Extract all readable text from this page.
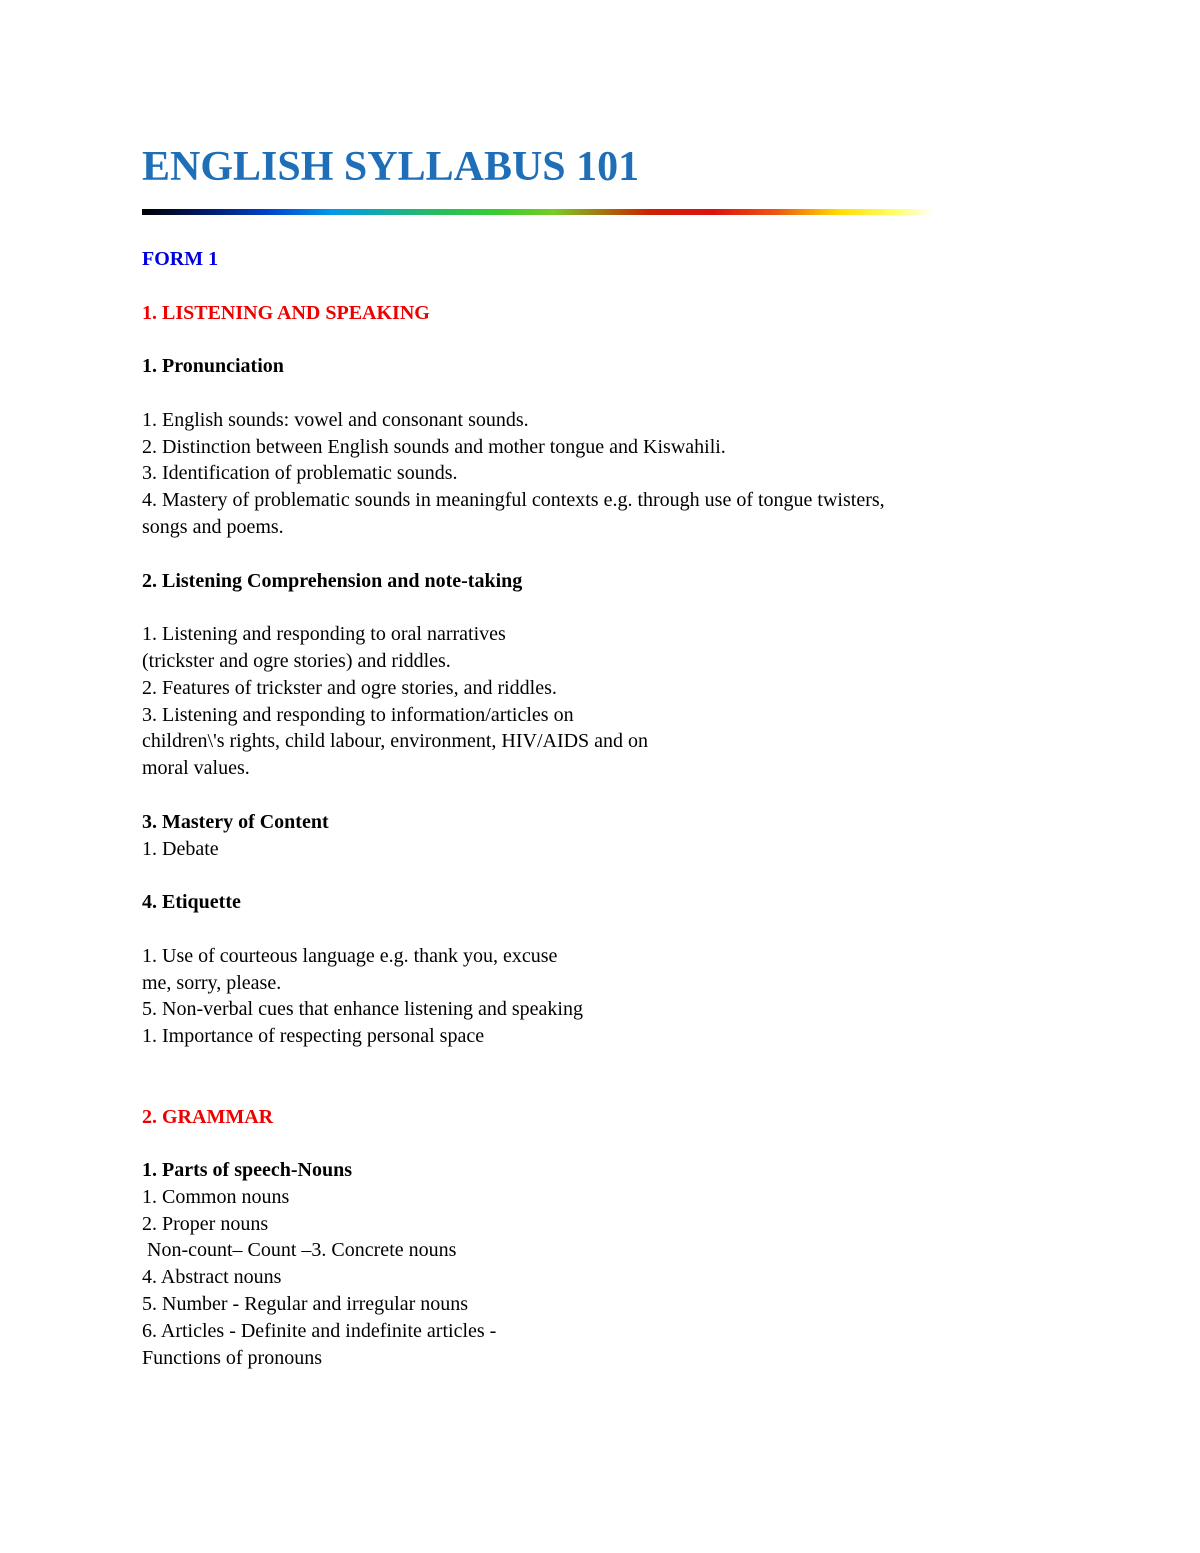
ENGLISH SYLLABUS 101

FORM 1

1. LISTENING AND SPEAKING

1. Pronunciation

1. English sounds: vowel and consonant sounds.

2. Distinction between English sounds and mother tongue and Kiswahili.

3. Identification of problematic sounds.

4. Mastery of problematic sounds in meaningful contexts e.g. through use of tongue twisters,

songs and poems.

2. Listening Comprehension and note-taking

1. Listening and responding to oral narratives

(trickster and ogre stories) and riddles.

2. Features of trickster and ogre stories, and riddles.

3. Listening and responding to information/articles on

children\'s rights, child labour, environment, HIV/AIDS and on

moral values.

3. Mastery of Content

1. Debate

4. Etiquette

1. Use of courteous language e.g. thank you, excuse

me, sorry, please.

5. Non-verbal cues that enhance listening and speaking

1. Importance of respecting personal space

2. GRAMMAR

1. Parts of speech-Nouns

1. Common nouns

2. Proper nouns

Non-count– Count –3. Concrete nouns

4. Abstract nouns

5. Number - Regular and irregular nouns

6. Articles - Definite and indefinite articles -

Functions of pronouns
